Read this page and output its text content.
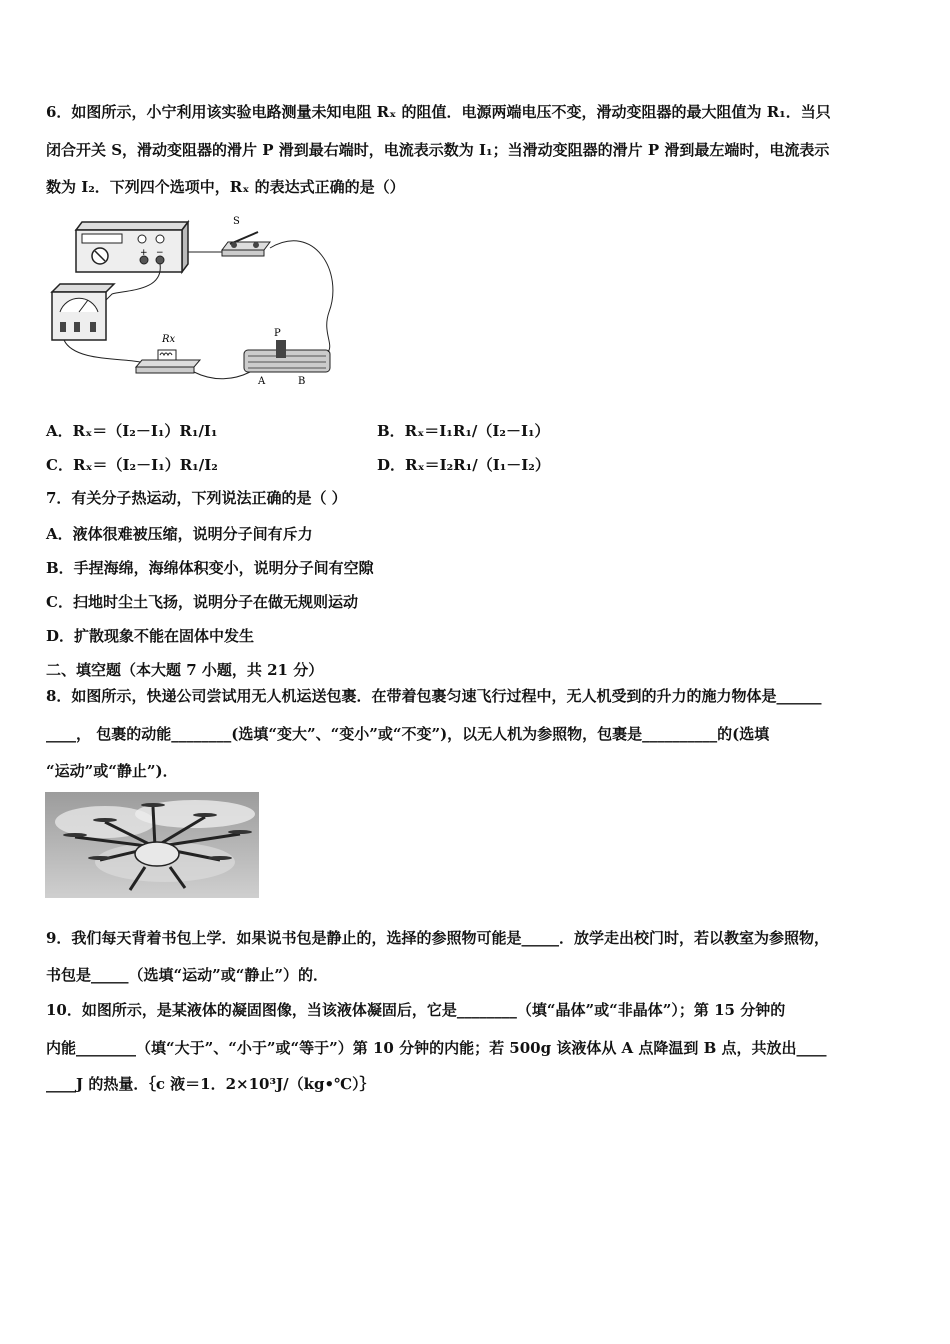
6．如图所示，小宁利用该实验电路测量未知电阻 Rₓ 的阻值．电源两端电压不变，滑动变阻器的最大阻值为 R₁．当只
闭合开关 S，滑动变阻器的滑片 P 滑到最右端时，电流表示数为 I₁；当滑动变阻器的滑片 P 滑到最左端时，电流表示
数为 I₂．下列四个选项中，Rₓ 的表达式正确的是（）
+ −
S
Rx
P
A	B
A．Rₓ＝（I₂－I₁）R₁/I₁	B．Rₓ＝I₁R₁/（I₂－I₁）
C．Rₓ＝（I₂－I₁）R₁/I₂	D．Rₓ＝I₂R₁/（I₁－I₂）
7．有关分子热运动，下列说法正确的是（ ）
A．液体很难被压缩，说明分子间有斥力
B．手捏海绵，海绵体积变小，说明分子间有空隙
C．扫地时尘土飞扬，说明分子在做无规则运动
D．扩散现象不能在固体中发生
二、填空题（本大题 7 小题，共 21 分）
8．如图所示，快递公司尝试用无人机运送包裹．在带着包裹匀速飞行过程中，无人机受到的升力的施力物体是______
____， 包裹的动能________(选填“变大”、“变小”或“不变”)，以无人机为参照物，包裹是__________的(选填
“运动”或“静止”)．
9．我们每天背着书包上学．如果说书包是静止的，选择的参照物可能是_____．放学走出校门时，若以教室为参照物，
书包是_____（选填“运动”或“静止”）的．
10．如图所示，是某液体的凝固图像，当该液体凝固后，它是________（填“晶体”或“非晶体”）；第 15 分钟的
内能________（填“大于”、“小于”或“等于”）第 10 分钟的内能；若 500g 该液体从 A 点降温到 B 点，共放出____
____J 的热量．｛c 液＝1．2×10³J/（kg•℃）｝
